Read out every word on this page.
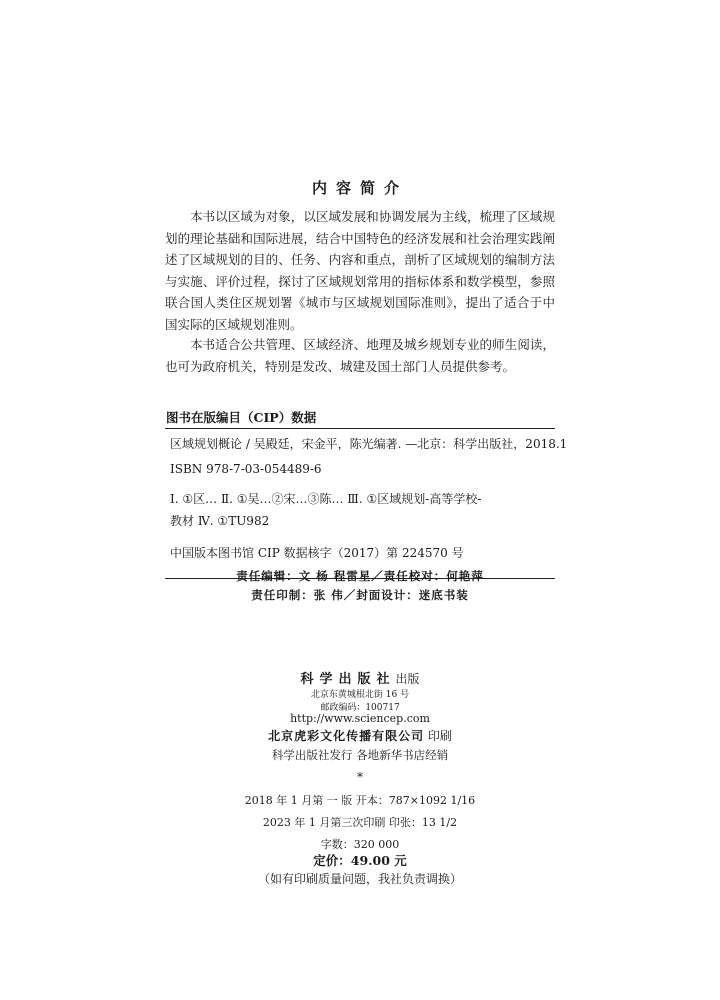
内容简介
本书以区域为对象，以区域发展和协调发展为主线，梳理了区域规划的理论基础和国际进展，结合中国特色的经济发展和社会治理实践阐述了区域规划的目的、任务、内容和重点，剖析了区域规划的编制方法与实施、评价过程，探讨了区域规划常用的指标体系和数学模型，参照联合国人类住区规划署《城市与区域规划国际准则》，提出了适合于中国实际的区域规划准则。
本书适合公共管理、区域经济、地理及城乡规划专业的师生阅读，也可为政府机关，特别是发改、城建及国土部门人员提供参考。
图书在版编目（CIP）数据
区域规划概论 / 吴殿廷，宋金平，陈光编著. —北京：科学出版社，2018.1
ISBN 978-7-03-054489-6
Ⅰ. ①区… Ⅱ. ①吴…②宋…③陈… Ⅲ. ①区域规划-高等学校-
教材 Ⅳ. ①TU982
中国版本图书馆 CIP 数据核字（2017）第 224570 号
责任编辑：文 杨 程雷星／责任校对：何艳萍
责任印制：张 伟／封面设计：迷底书装
科学出版社出版
北京东黄城根北街 16 号
邮政编码：100717
http://www.sciencep.com
北京虎彩文化传播有限公司 印刷
科学出版社发行 各地新华书店经销
*
2018 年 1 月第 一 版 开本：787×1092 1/16
2023 年 1 月第三次印刷 印张：13 1/2
字数：320 000
定价：49.00 元
（如有印刷质量问题，我社负责调换）
